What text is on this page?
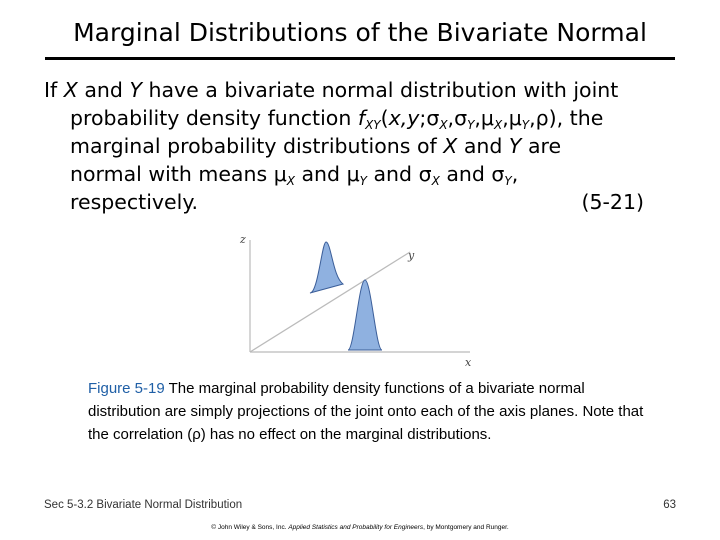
Marginal Distributions of the Bivariate Normal
If X and Y have a bivariate normal distribution with joint
probability density function $f_{XY}(x,y;\sigma_X,\sigma_Y,\mu_X,\mu_Y,\rho)$, the
marginal probability distributions of X and Y are
normal with means $\mu_X$ and $\mu_Y$ and $\sigma_X$ and $\sigma_Y$,
respectively.	(5-21)
z
y
x
Figure 5-19 The marginal probability density functions of a bivariate normal distribution are simply projections of the joint onto each of the axis planes. Note that the correlation (ρ) has no effect on the marginal distributions.
Sec 5-3.2 Bivariate Normal Distribution	63
© John Wiley & Sons, Inc. Applied Statistics and Probability for Engineers, by Montgomery and Runger.
